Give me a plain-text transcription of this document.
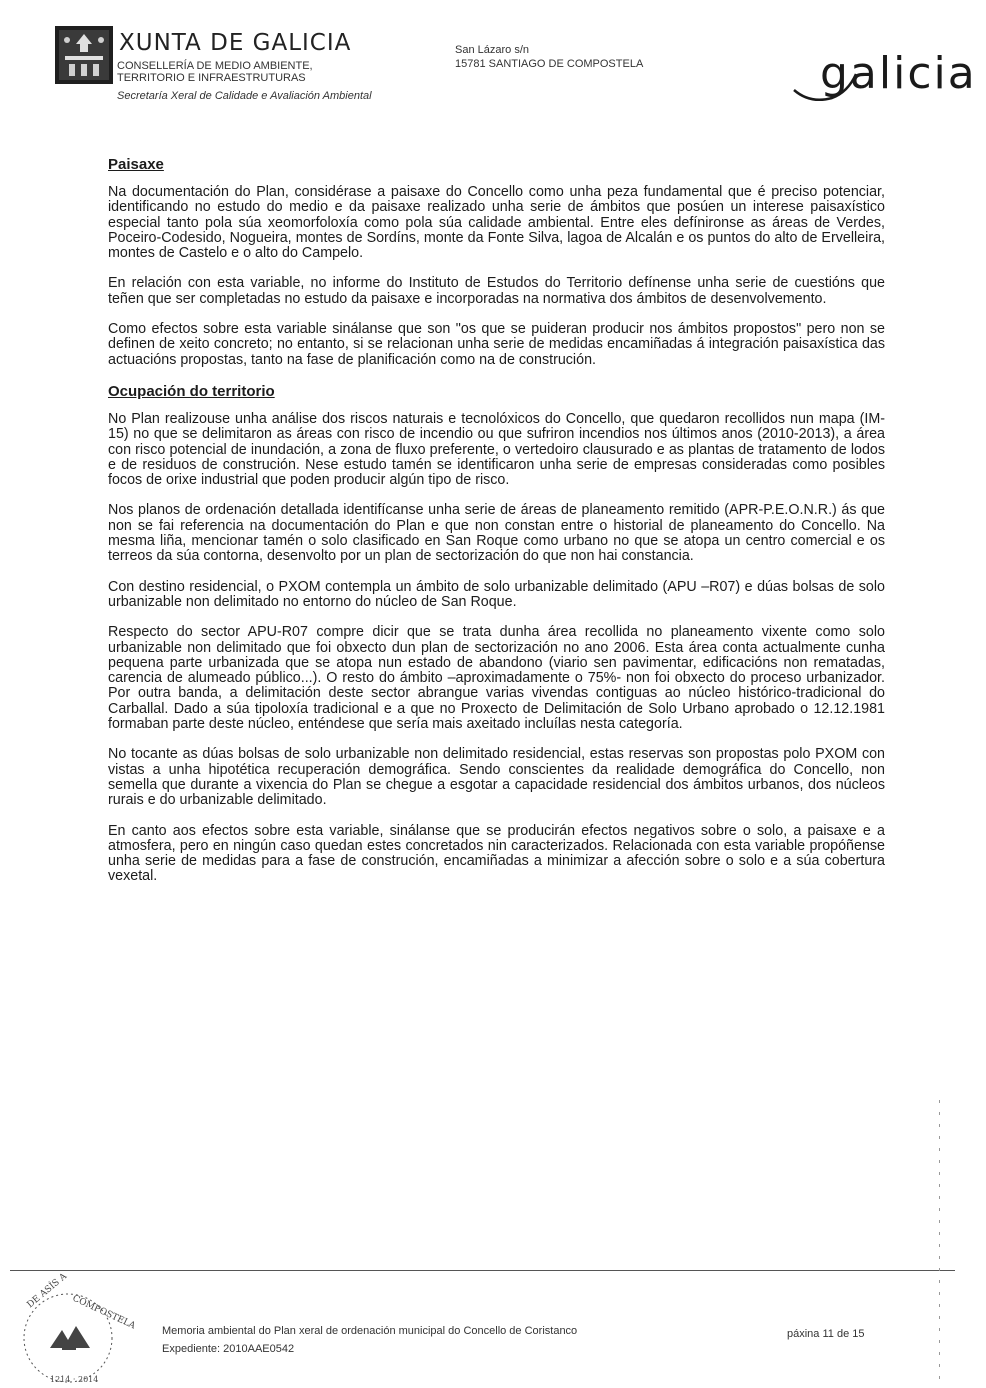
XUNTA DE GALICIA
CONSELLERÍA DE MEDIO AMBIENTE,
TERRITORIO E INFRAESTRUTURAS
Secretaría Xeral de Calidade e Avaliación Ambiental
San Lázaro s/n
15781 SANTIAGO DE COMPOSTELA	galicia
Paisaxe

Na documentación do Plan, considérase a paisaxe do Concello como unha peza fundamental que é preciso potenciar, identificando no estudo do medio e da paisaxe realizado unha serie de ámbitos que posúen un interese paisaxístico especial tanto pola súa xeomorfoloxía como pola súa calidade ambiental. Entre eles defínironse as áreas de Verdes, Poceiro-Codesido, Nogueira, montes de Sordíns, monte da Fonte Silva, lagoa de Alcalán e os puntos do alto de Ervelleira, montes de Castelo e o alto do Campelo.

En relación con esta variable, no informe do Instituto de Estudos do Territorio defínense unha serie de cuestións que teñen que ser completadas no estudo da paisaxe e incorporadas na normativa dos ámbitos de desenvolvemento.

Como efectos sobre esta variable sinálanse que son "os que se puideran producir nos ámbitos propostos" pero non se definen de xeito concreto; no entanto, si se relacionan unha serie de medidas encamiñadas á integración paisaxística das actuacións propostas, tanto na fase de planificación como na de construción.

Ocupación do territorio

No Plan realizouse unha análise dos riscos naturais e tecnolóxicos do Concello, que quedaron recollidos nun mapa (IM-15) no que se delimitaron as áreas con risco de incendio ou que sufriron incendios nos últimos anos (2010-2013), a área con risco potencial de inundación, a zona de fluxo preferente, o vertedoiro clausurado e as plantas de tratamento de lodos e de residuos de construción. Nese estudo tamén se identificaron unha serie de empresas consideradas como posibles focos de orixe industrial que poden producir algún tipo de risco.

Nos planos de ordenación detallada identifícanse unha serie de áreas de planeamento remitido (APR-P.E.O.N.R.) ás que non se fai referencia na documentación do Plan e que non constan entre o historial de planeamento do Concello. Na mesma liña, mencionar tamén o solo clasificado en San Roque como urbano no que se atopa un centro comercial e os terreos da súa contorna, desenvolto por un plan de sectorización do que non hai constancia.

Con destino residencial, o PXOM contempla un ámbito de solo urbanizable delimitado (APU –R07) e dúas bolsas de solo urbanizable non delimitado no entorno do núcleo de San Roque.

Respecto do sector APU-R07 compre dicir que se trata dunha área recollida no planeamento vixente como solo urbanizable non delimitado que foi obxecto dun plan de sectorización no ano 2006. Esta área conta actualmente cunha pequena parte urbanizada que se atopa nun estado de abandono (viario sen pavimentar, edificacións non rematadas, carencia de alumeado público...). O resto do ámbito –aproximadamente o 75%- non foi obxecto do proceso urbanizador. Por outra banda, a delimitación deste sector abrangue varias vivendas contiguas ao núcleo histórico-tradicional do Carballal. Dado a súa tipoloxía tradicional e a que no Proxecto de Delimitación de Solo Urbano aprobado o 12.12.1981 formaban parte deste núcleo, enténdese que sería mais axeitado incluílas nesta categoría.

No tocante as dúas bolsas de solo urbanizable non delimitado residencial, estas reservas son propostas polo PXOM con vistas a unha hipotética recuperación demográfica. Sendo conscientes da realidade demográfica do Concello, non semella que durante a vixencia do Plan se chegue a esgotar a capacidade residencial dos ámbitos urbanos, dos núcleos rurais e do urbanizable delimitado.

En canto aos efectos sobre esta variable, sinálanse que se producirán efectos negativos sobre o solo, a paisaxe e a atmosfera, pero en ningún caso quedan estes concretados nin caracterizados. Relacionada con esta variable propóñense unha serie de medidas para a fase de construción, encamiñadas a minimizar a afección sobre o solo e a súa cobertura vexetal.

DE ASÍS A
COMPOSTELA
1214 · 2014
Memoria ambiental do Plan xeral de ordenación municipal do Concello de Coristanco
Expediente: 2010AAE0542
páxina 11 de 15
